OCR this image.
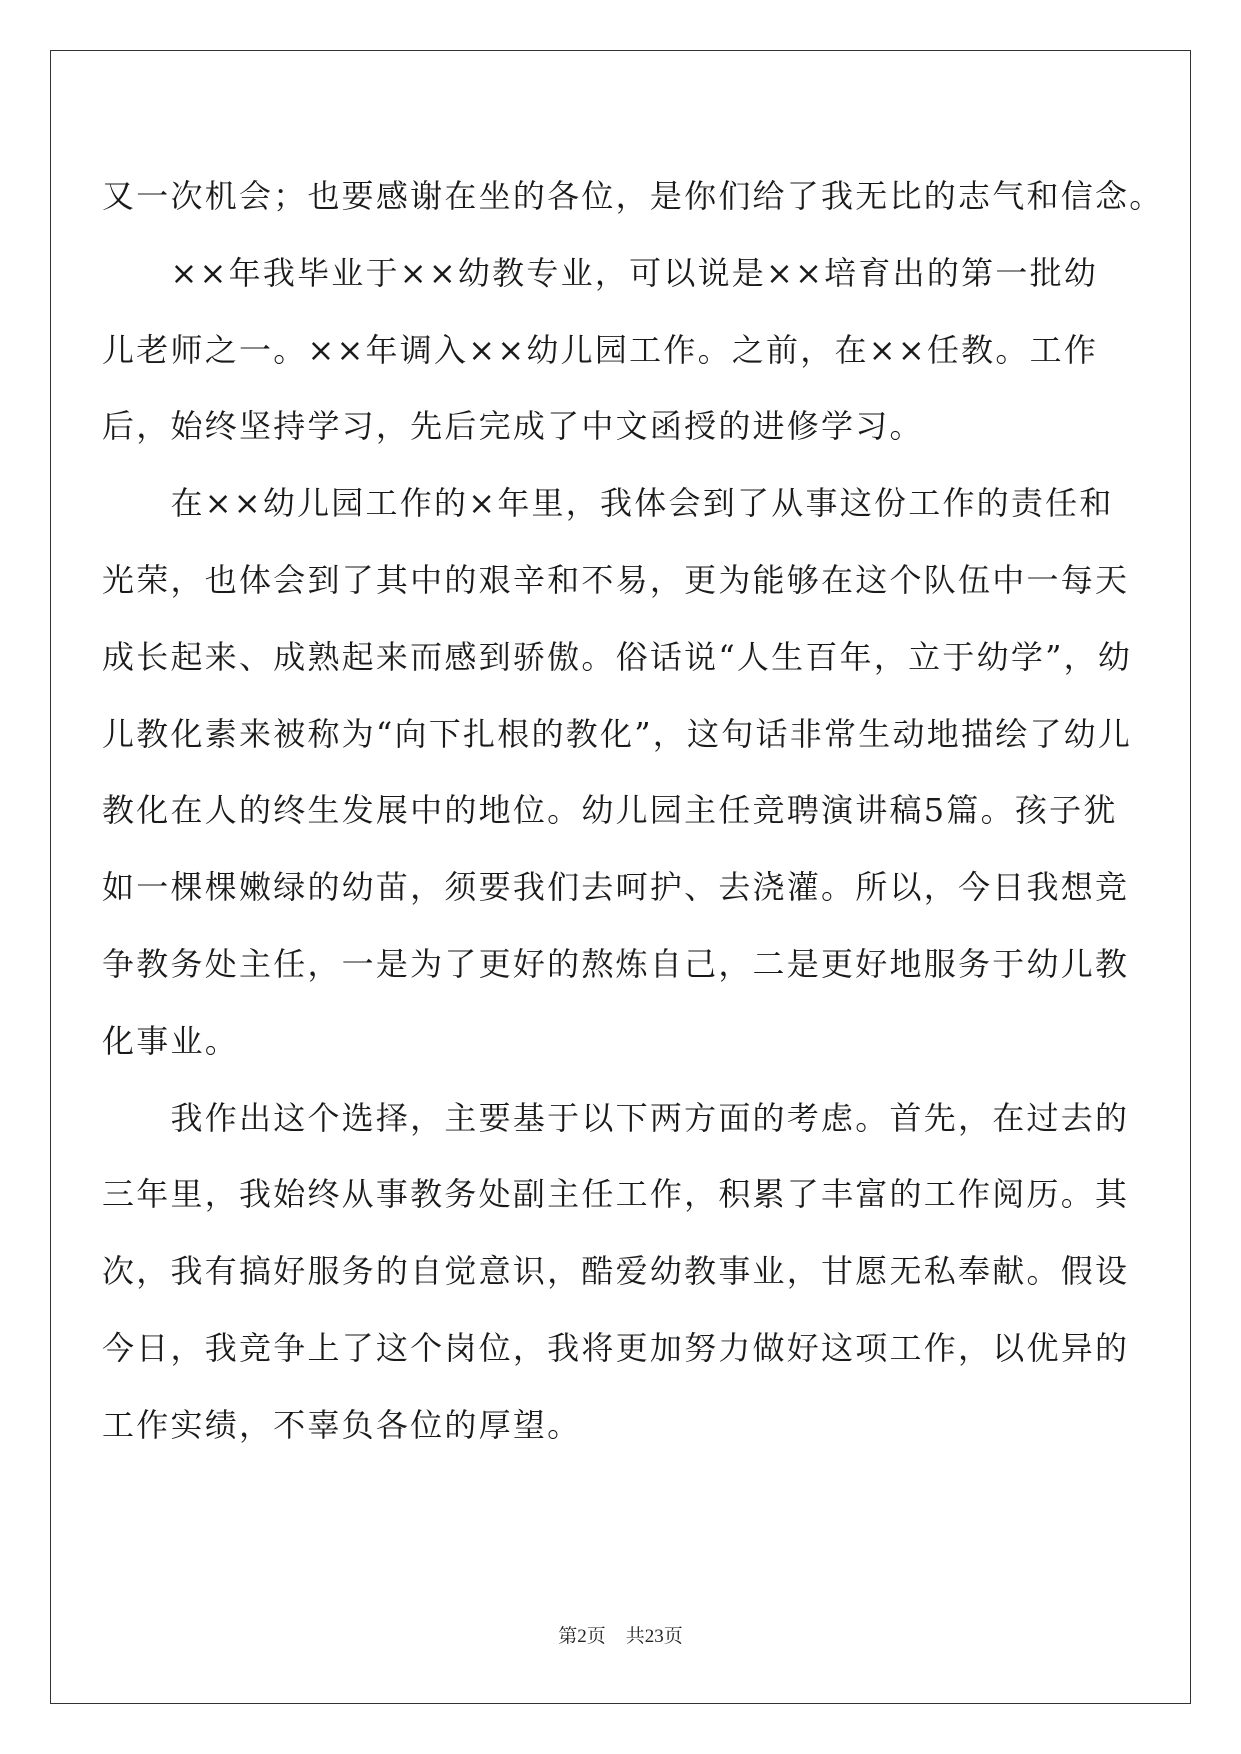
又一次机会；也要感谢在坐的各位，是你们给了我无比的志气和信念。
　　××年我毕业于××幼教专业，可以说是××培育出的第一批幼
儿老师之一。××年调入××幼儿园工作。之前，在××任教。工作
后，始终坚持学习，先后完成了中文函授的进修学习。
　　在××幼儿园工作的×年里，我体会到了从事这份工作的责任和
光荣，也体会到了其中的艰辛和不易，更为能够在这个队伍中一每天
成长起来、成熟起来而感到骄傲。俗话说“人生百年，立于幼学”，幼
儿教化素来被称为“向下扎根的教化”，这句话非常生动地描绘了幼儿
教化在人的终生发展中的地位。幼儿园主任竞聘演讲稿5篇。孩子犹
如一棵棵嫩绿的幼苗，须要我们去呵护、去浇灌。所以，今日我想竞
争教务处主任，一是为了更好的熬炼自己，二是更好地服务于幼儿教
化事业。
　　我作出这个选择，主要基于以下两方面的考虑。首先，在过去的
三年里，我始终从事教务处副主任工作，积累了丰富的工作阅历。其
次，我有搞好服务的自觉意识，酷爱幼教事业，甘愿无私奉献。假设
今日，我竞争上了这个岗位，我将更加努力做好这项工作，以优异的
工作实绩，不辜负各位的厚望。
第2页 共23页
